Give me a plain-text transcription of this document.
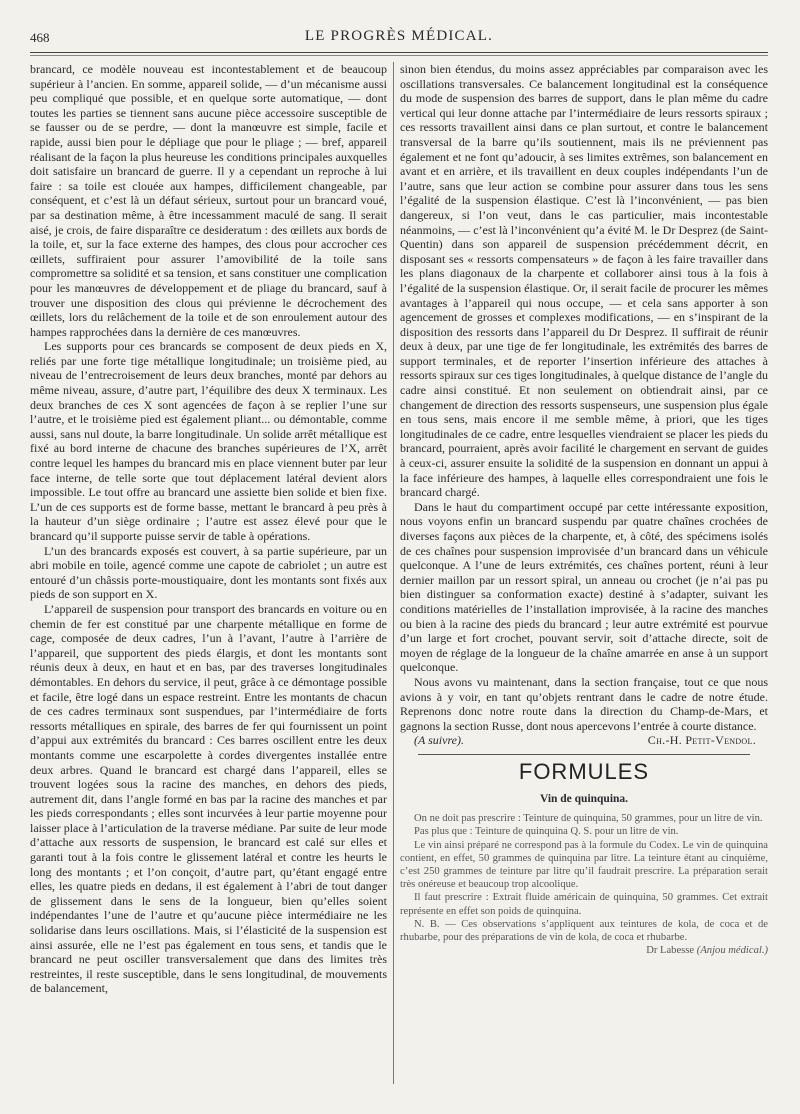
468	LE PROGRÈS MÉDICAL.

brancard, ce modèle nouveau est incontestablement et de beaucoup supérieur à l’ancien. En somme, appareil solide, — d’un mécanisme aussi peu compliqué que possible, et en quelque sorte automatique, — dont toutes les parties se tiennent sans aucune pièce accessoire susceptible de se fausser ou de se perdre, — dont la manœuvre est simple, facile et rapide, aussi bien pour le dépliage que pour le pliage ; — bref, appareil réalisant de la façon la plus heureuse les conditions principales auxquelles doit satisfaire un brancard de guerre. Il y a cependant un reproche à lui faire : sa toile est clouée aux hampes, difficilement changeable, par conséquent, et c’est là un défaut sérieux, surtout pour un brancard voué, par sa destination même, à être incessamment maculé de sang. Il serait aisé, je crois, de faire disparaître ce desideratum : des œillets aux bords de la toile, et, sur la face externe des hampes, des clous pour accrocher ces œillets, suffiraient pour assurer l’amovibilité de la toile sans compromettre sa solidité et sa tension, et sans constituer une complication pour les manœuvres de développement et de pliage du brancard, sauf à trouver une disposition des clous qui prévienne le décrochement des œillets, lors du relâchement de la toile et de son enroulement autour des hampes rapprochées dans la dernière de ces manœuvres.

Les supports pour ces brancards se composent de deux pieds en X, reliés par une forte tige métallique longitudinale; un troisième pied, au niveau de l’entrecroisement de leurs deux branches, monté par dehors au même niveau, assure, d’autre part, l’équilibre des deux X terminaux. Les deux branches de ces X sont agencées de façon à se replier l’une sur l’autre, et le troisième pied est également pliant... ou démontable, comme aussi, sans nul doute, la barre longitudinale. Un solide arrêt métallique est fixé au bord interne de chacune des branches supérieures de l’X, arrêt contre lequel les hampes du brancard mis en place viennent buter par leur face interne, de telle sorte que tout déplacement latéral devient alors impossible. Le tout offre au brancard une assiette bien solide et bien fixe. L’un de ces supports est de forme basse, mettant le brancard à peu près à la hauteur d’un siège ordinaire ; l’autre est assez élevé pour que le brancard qu’il supporte puisse servir de table à opérations.

L’un des brancards exposés est couvert, à sa partie supérieure, par un abri mobile en toile, agencé comme une capote de cabriolet ; un autre est entouré d’un châssis porte-moustiquaire, dont les montants sont fixés aux pieds de son support en X.

L’appareil de suspension pour transport des brancards en voiture ou en chemin de fer est constitué par une charpente métallique en forme de cage, composée de deux cadres, l’un à l’avant, l’autre à l’arrière de l’appareil, que supportent des pieds élargis, et dont les montants sont réunis deux à deux, en haut et en bas, par des traverses longitudinales démontables. En dehors du service, il peut, grâce à ce démontage possible et facile, être logé dans un espace restreint. Entre les montants de chacun de ces cadres terminaux sont suspendues, par l’intermédiaire de forts ressorts métalliques en spirale, des barres de fer qui fournissent un point d’appui aux extrémités du brancard : Ces barres oscillent entre les deux montants comme une escarpolette à cordes divergentes installée entre deux arbres. Quand le brancard est chargé dans l’appareil, elles se trouvent logées sous la racine des manches, en dehors des pieds, autrement dit, dans l’angle formé en bas par la racine des manches et par les pieds correspondants ; elles sont incurvées à leur partie moyenne pour laisser place à l’articulation de la traverse médiane. Par suite de leur mode d’attache aux ressorts de suspension, le brancard est calé sur elles et garanti tout à la fois contre le glissement latéral et contre les heurts le long des montants ; et l’on conçoit, d’autre part, qu’étant engagé entre elles, les quatre pieds en dedans, il est également à l’abri de tout danger de glissement dans le sens de la longueur, bien qu’elles soient indépendantes l’une de l’autre et qu’aucune pièce intermédiaire ne les solidarise dans leurs oscillations. Mais, si l’élasticité de la suspension est ainsi assurée, elle ne l’est pas également en tous sens, et tandis que le brancard ne peut osciller transversalement que dans des limites très restreintes, il reste susceptible, dans le sens longitudinal, de mouvements de balancement,

sinon bien étendus, du moins assez appréciables par comparaison avec les oscillations transversales. Ce balancement longitudinal est la conséquence du mode de suspension des barres de support, dans le plan même du cadre vertical qui leur donne attache par l’intermédiaire de leurs ressorts spiraux ; ces ressorts travaillent ainsi dans ce plan surtout, et contre le balancement transversal de la barre qu’ils soutiennent, mais ils ne préviennent pas également et ne font qu’adoucir, à ses limites extrêmes, son balancement en avant et en arrière, et ils travaillent en deux couples indépendants l’un de l’autre, sans que leur action se combine pour assurer dans tous les sens l’égalité de la suspension élastique. C’est là l’inconvénient, — pas bien dangereux, si l’on veut, dans le cas particulier, mais incontestable néanmoins, — c’est là l’inconvénient qu’a évité M. le Dr Desprez (de Saint-Quentin) dans son appareil de suspension précédemment décrit, en disposant ses « ressorts compensateurs » de façon à les faire travailler dans les plans diagonaux de la charpente et collaborer ainsi tous à la fois à l’égalité de la suspension élastique. Or, il serait facile de procurer les mêmes avantages à l’appareil qui nous occupe, — et cela sans apporter à son agencement de grosses et complexes modifications, — en s’inspirant de la disposition des ressorts dans l’appareil du Dr Desprez. Il suffirait de réunir deux à deux, par une tige de fer longitudinale, les extrémités des barres de support terminales, et de reporter l’insertion inférieure des attaches à ressorts spiraux sur ces tiges longitudinales, à quelque distance de l’angle du cadre ainsi constitué. Et non seulement on obtiendrait ainsi, par ce changement de direction des ressorts suspenseurs, une suspension plus égale en tous sens, mais encore il me semble même, à priori, que les tiges longitudinales de ce cadre, entre lesquelles viendraient se placer les pieds du brancard, pourraient, après avoir facilité le chargement en servant de guides à ceux-ci, assurer ensuite la solidité de la suspension en donnant un appui à la face inférieure des hampes, à laquelle elles correspondraient une fois le brancard chargé.

Dans le haut du compartiment occupé par cette intéressante exposition, nous voyons enfin un brancard suspendu par quatre chaînes crochées de diverses façons aux pièces de la charpente, et, à côté, des spécimens isolés de ces chaînes pour suspension improvisée d’un brancard dans un véhicule quelconque. A l’une de leurs extrémités, ces chaînes portent, réuni à leur dernier maillon par un ressort spiral, un anneau ou crochet (je n’ai pas pu bien distinguer sa conformation exacte) destiné à s’adapter, suivant les conditions matérielles de l’installation improvisée, à la racine des manches ou bien à la racine des pieds du brancard ; leur autre extrémité est pourvue d’un large et fort crochet, pouvant servir, soit d’attache directe, soit de moyen de réglage de la longueur de la chaîne amarrée en anse à un support quelconque.

Nous avons vu maintenant, dans la section française, tout ce que nous avions à y voir, en tant qu’objets rentrant dans le cadre de notre étude. Reprenons donc notre route dans la direction du Champ-de-Mars, et gagnons la section Russe, dont nous apercevons l’entrée à courte distance.

(A suivre).	Ch.-H. Petit-Vendol.
FORMULES
Vin de quinquina.

On ne doit pas prescrire : Teinture de quinquina, 50 grammes, pour un litre de vin.

Pas plus que : Teinture de quinquina Q. S. pour un litre de vin.

Le vin ainsi préparé ne correspond pas à la formule du Codex. Le vin de quinquina contient, en effet, 50 grammes de quinquina par litre. La teinture étant au cinquième, c’est 250 grammes de teinture par litre qu’il faudrait prescrire. La préparation serait très onéreuse et beaucoup trop alcoolique.

Il faut prescrire : Extrait fluide américain de quinquina, 50 grammes. Cet extrait représente en effet son poids de quinquina.

N. B. — Ces observations s’appliquent aux teintures de kola, de coca et de rhubarbe, pour des préparations de vin de kola, de coca et rhubarbe.

Dr Labesse (Anjou médical.)
